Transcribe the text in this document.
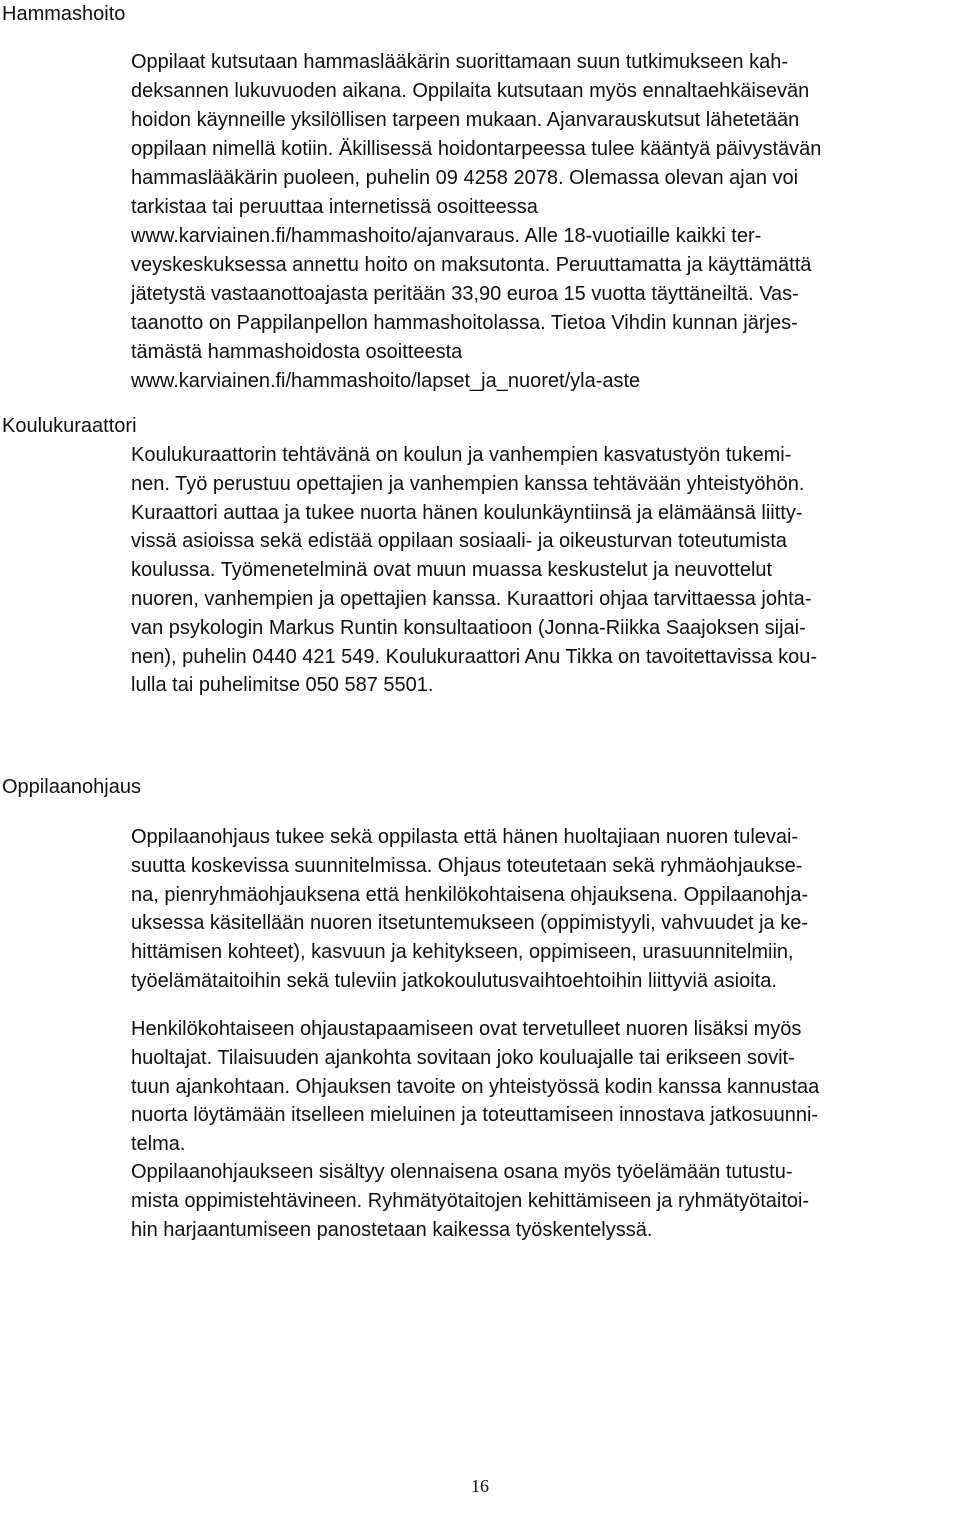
Hammashoito

Oppilaat kutsutaan hammaslääkärin suorittamaan suun tutkimukseen kah-
deksannen lukuvuoden aikana. Oppilaita kutsutaan myös ennaltaehkäisevän
hoidon käynneille yksilöllisen tarpeen mukaan. Ajanvarauskutsut lähetetään
oppilaan nimellä kotiin. Äkillisessä hoidontarpeessa tulee kääntyä päivystävän
hammaslääkärin puoleen, puhelin 09 4258 2078. Olemassa olevan ajan voi
tarkistaa tai peruuttaa internetissä osoitteessa
www.karviainen.fi/hammashoito/ajanvaraus. Alle 18-vuotiaille kaikki ter-
veyskeskuksessa annettu hoito on maksutonta. Peruuttamatta ja käyttämättä
jätetystä vastaanottoajasta peritään 33,90 euroa 15 vuotta täyttäneiltä. Vas-
taanotto on Pappilanpellon hammashoitolassa. Tietoa Vihdin kunnan järjes-
tämästä hammashoidosta osoitteesta
www.karviainen.fi/hammashoito/lapset_ja_nuoret/yla-aste

Koulukuraattori

Koulukuraattorin tehtävänä on koulun ja vanhempien kasvatustyön tukemi-
nen. Työ perustuu opettajien ja vanhempien kanssa tehtävään yhteistyöhön.
Kuraattori auttaa ja tukee nuorta hänen koulunkäyntiinsä ja elämäänsä liitty-
vissä asioissa sekä edistää oppilaan sosiaali- ja oikeusturvan toteutumista
koulussa. Työmenetelminä ovat muun muassa keskustelut ja neuvottelut
nuoren, vanhempien ja opettajien kanssa. Kuraattori ohjaa tarvittaessa johta-
van psykologin Markus Runtin konsultaatioon (Jonna-Riikka Saajoksen sijai-
nen), puhelin 0440 421 549. Koulukuraattori Anu Tikka on tavoitettavissa kou-
lulla tai puhelimitse 050 587 5501.

Oppilaanohjaus

Oppilaanohjaus tukee sekä oppilasta että hänen huoltajiaan nuoren tulevai-
suutta koskevissa suunnitelmissa. Ohjaus toteutetaan sekä ryhmäohjaukse-
na, pienryhmäohjauksena että henkilökohtaisena ohjauksena. Oppilaanohja-
uksessa käsitellään nuoren itsetuntemukseen (oppimistyyli, vahvuudet ja ke-
hittämisen kohteet), kasvuun ja kehitykseen, oppimiseen, urasuunnitelmiin,
työelämätaitoihin sekä tuleviin jatkokoulutusvaihtoehtoihin liittyviä asioita.

Henkilökohtaiseen ohjaustapaamiseen ovat tervetulleet nuoren lisäksi myös
huoltajat. Tilaisuuden ajankohta sovitaan joko kouluajalle tai erikseen sovit-
tuun ajankohtaan. Ohjauksen tavoite on yhteistyössä kodin kanssa kannustaa
nuorta löytämään itselleen mieluinen ja toteuttamiseen innostava jatkosuunni-
telma.

Oppilaanohjaukseen sisältyy olennaisena osana myös työelämään tutustu-
mista oppimistehtävineen. Ryhmätyötaitojen kehittämiseen ja ryhmätyötaitoi-
hin harjaantumiseen panostetaan kaikessa työskentelyssä.

16
